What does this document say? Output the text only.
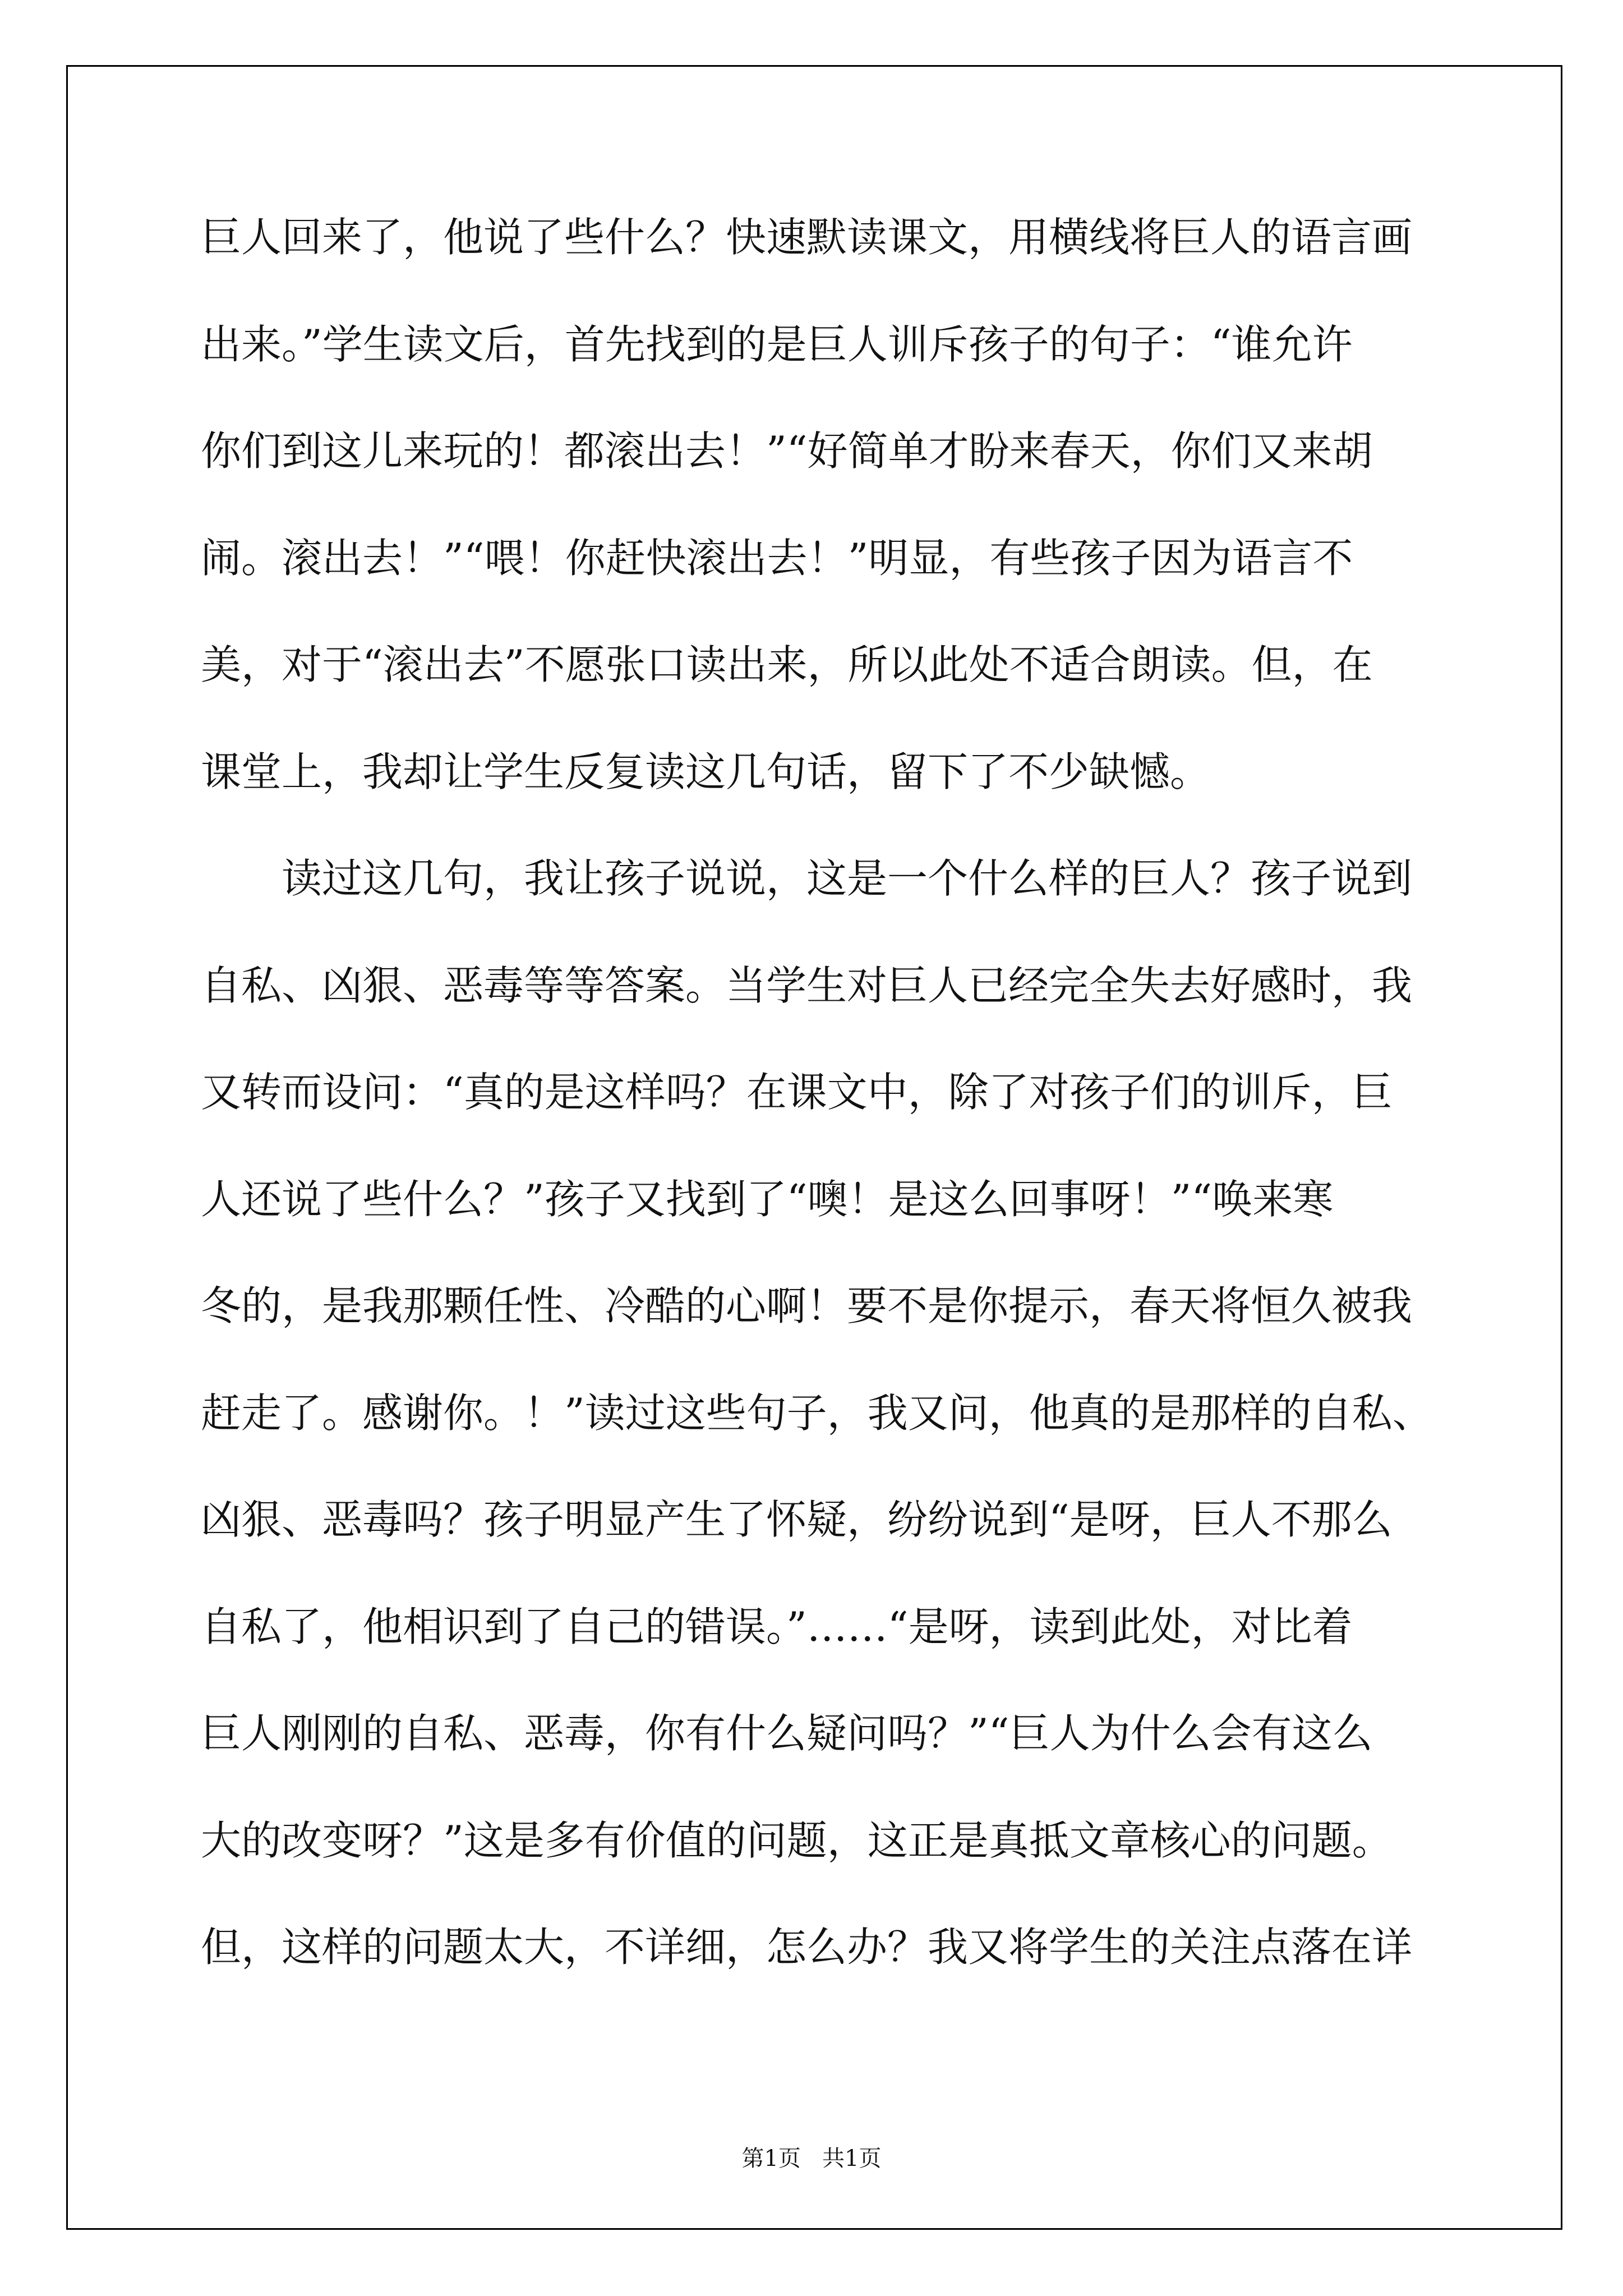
巨人回来了，他说了些什么？快速默读课文，用横线将巨人的语言画
出来。”学生读文后，首先找到的是巨人训斥孩子的句子：“谁允许
你们到这儿来玩的！都滚出去！”“好简单才盼来春天，你们又来胡
闹。滚出去！”“喂！你赶快滚出去！”明显，有些孩子因为语言不
美，对于“滚出去”不愿张口读出来，所以此处不适合朗读。但，在
课堂上，我却让学生反复读这几句话，留下了不少缺憾。
读过这几句，我让孩子说说，这是一个什么样的巨人？孩子说到
自私、凶狠、恶毒等等答案。当学生对巨人已经完全失去好感时，我
又转而设问：“真的是这样吗？在课文中，除了对孩子们的训斥，巨
人还说了些什么？”孩子又找到了“噢！是这么回事呀！”“唤来寒
冬的，是我那颗任性、冷酷的心啊！要不是你提示，春天将恒久被我
赶走了。感谢你。！”读过这些句子，我又问，他真的是那样的自私、
凶狠、恶毒吗？孩子明显产生了怀疑，纷纷说到“是呀，巨人不那么
自私了，他相识到了自己的错误。”……“是呀，读到此处，对比着
巨人刚刚的自私、恶毒，你有什么疑问吗？”“巨人为什么会有这么
大的改变呀？”这是多有价值的问题，这正是真抵文章核心的问题。
但，这样的问题太大，不详细，怎么办？我又将学生的关注点落在详
第1页   共1页
